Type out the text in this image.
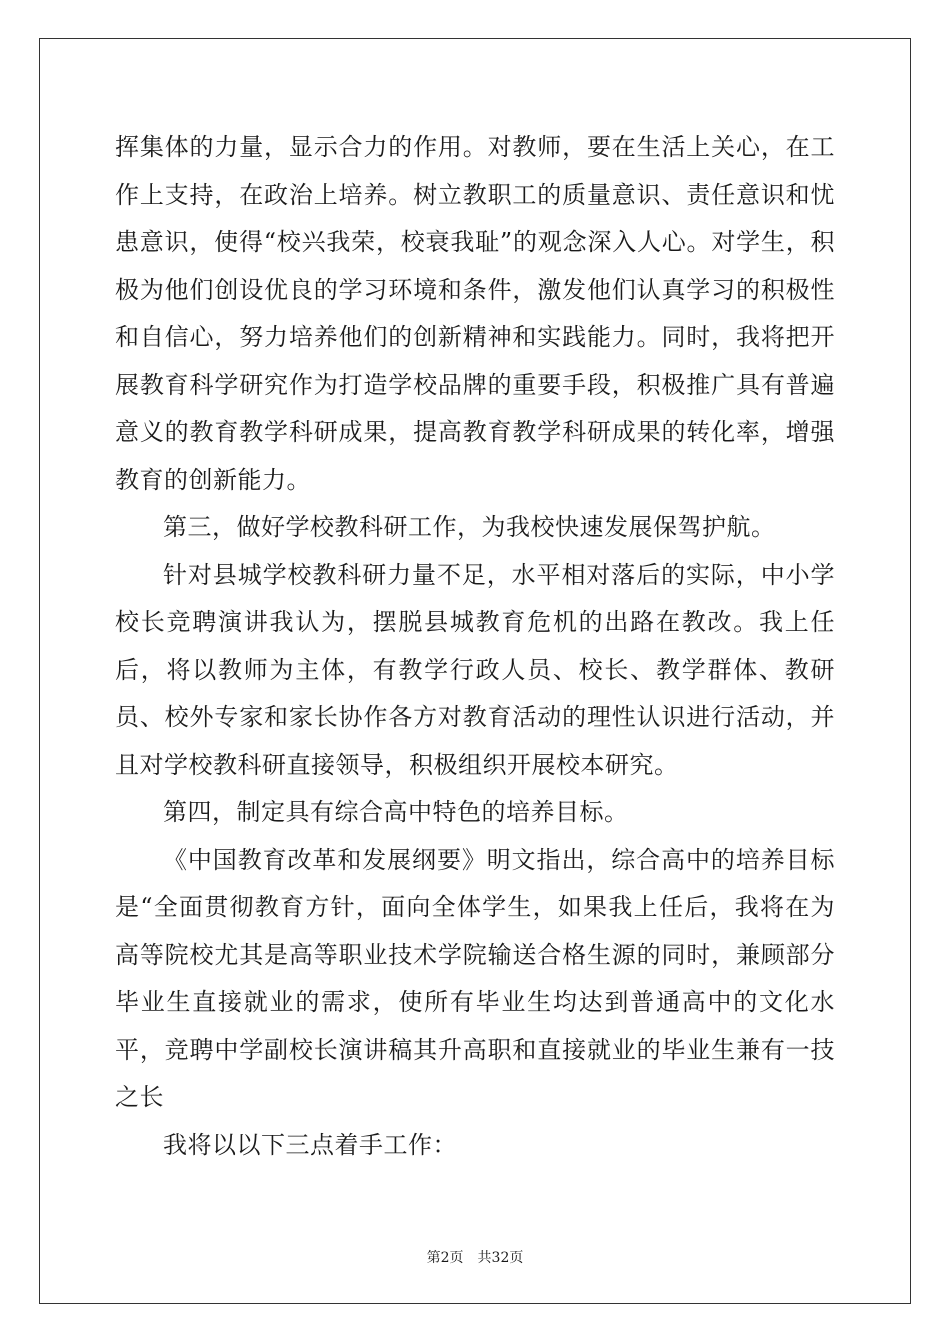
挥集体的力量，显示合力的作用。对教师，要在生活上关心，在工作上支持，在政治上培养。树立教职工的质量意识、责任意识和忧患意识，使得“校兴我荣，校衰我耻”的观念深入人心。对学生，积极为他们创设优良的学习环境和条件，激发他们认真学习的积极性和自信心，努力培养他们的创新精神和实践能力。同时，我将把开展教育科学研究作为打造学校品牌的重要手段，积极推广具有普遍意义的教育教学科研成果，提高教育教学科研成果的转化率，增强教育的创新能力。

第三，做好学校教科研工作，为我校快速发展保驾护航。

针对县城学校教科研力量不足，水平相对落后的实际，中小学校长竞聘演讲我认为，摆脱县城教育危机的出路在教改。我上任后，将以教师为主体，有教学行政人员、校长、教学群体、教研员、校外专家和家长协作各方对教育活动的理性认识进行活动，并且对学校教科研直接领导，积极组织开展校本研究。

第四，制定具有综合高中特色的培养目标。

《中国教育改革和发展纲要》明文指出，综合高中的培养目标是“全面贯彻教育方针，面向全体学生，如果我上任后，我将在为高等院校尤其是高等职业技术学院输送合格生源的同时，兼顾部分毕业生直接就业的需求，使所有毕业生均达到普通高中的文化水平，竞聘中学副校长演讲稿其升高职和直接就业的毕业生兼有一技之长

我将以以下三点着手工作：

第2页 共32页
